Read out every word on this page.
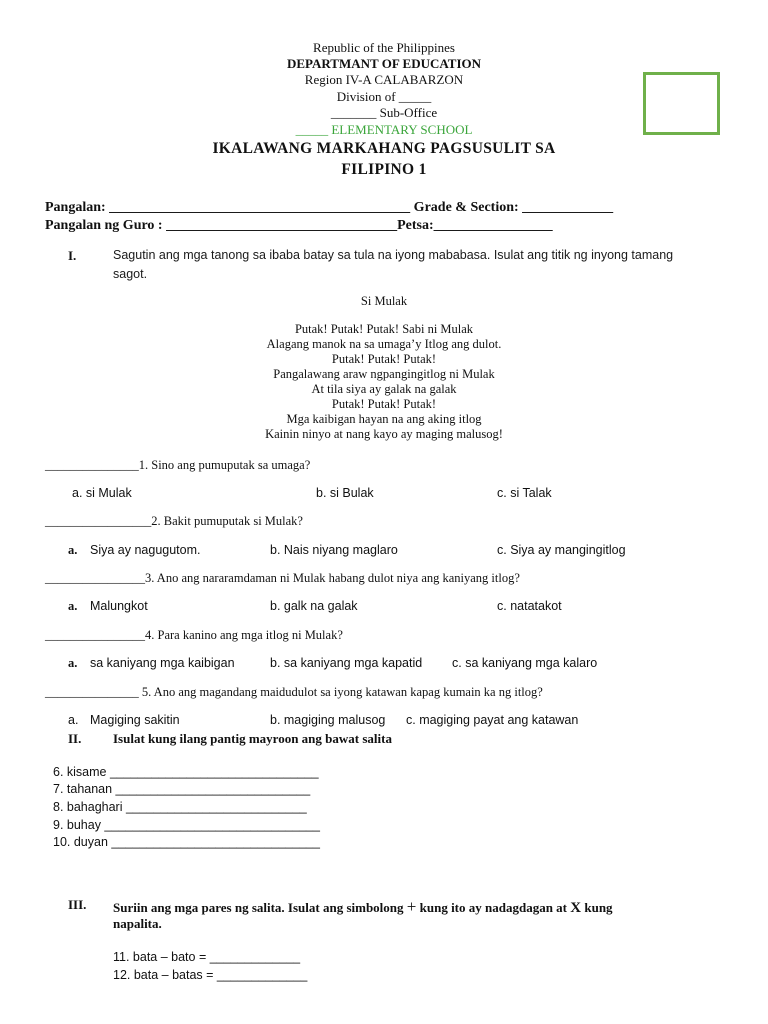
Republic of the Philippines
DEPARTMANT OF EDUCATION
Region IV-A CALABARZON
Division of _____
_______ Sub-Office
_____ ELEMENTARY SCHOOL
IKALAWANG MARKAHANG PAGSUSULIT SA
FILIPINO 1
Pangalan: ___________________________________________ Grade & Section: _____________
Pangalan ng Guro : _________________________________Petsa:_________________
I.	Sagutin ang mga tanong sa ibaba batay sa tula na iyong mababasa. Isulat ang titik ng inyong tamang
sagot.
Si Mulak
Putak! Putak! Putak! Sabi ni Mulak
Alagang manok na sa umaga’y Itlog ang dulot.
Putak! Putak! Putak!
Pangalawang araw ngpangingitlog ni Mulak
At tila siya ay galak na galak
Putak! Putak! Putak!
Mga kaibigan hayan na ang aking itlog
Kainin ninyo at nang kayo ay maging malusog!
_______________1. Sino ang pumuputak sa umaga?
a. si Mulak	b. si Bulak	c. si Talak
_________________2. Bakit pumuputak si Mulak?
a. Siya ay nagugutom.	b. Nais niyang maglaro	c. Siya ay mangingitlog
________________3. Ano ang nararamdaman ni Mulak habang dulot niya ang kaniyang itlog?
a. Malungkot	b. galk na galak	c. natatakot
________________4. Para kanino ang mga itlog ni Mulak?
a. sa kaniyang mga kaibigan	b. sa kaniyang mga kapatid c. sa kaniyang mga kalaro
_______________ 5. Ano ang magandang maidudulot sa iyong katawan kapag kumain ka ng itlog?
a. Magiging sakitin	b. magiging malusog c. magiging payat ang katawan
II. Isulat kung ilang pantig mayroon ang bawat salita
6. kisame ______________________________
7. tahanan ____________________________
8. bahaghari __________________________
9. buhay _______________________________
10. duyan ______________________________
III. Suriin ang mga pares ng salita. Isulat ang simbolong + kung ito ay nadagdagan at X kung
napalita.
11. bata – bato = _____________
12. bata – batas = _____________
